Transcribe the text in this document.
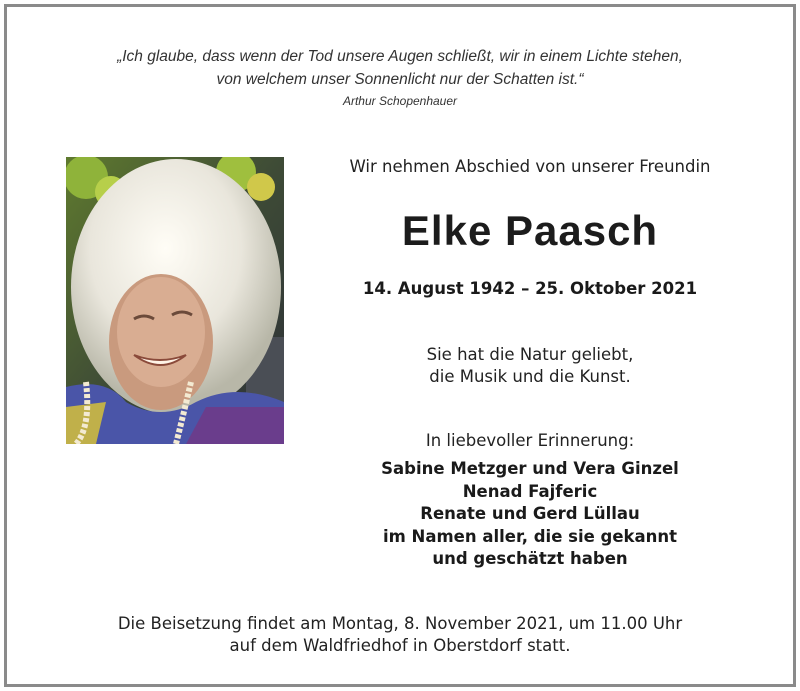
„Ich glaube, dass wenn der Tod unsere Augen schließt, wir in einem Lichte stehen,
von welchem unser Sonnenlicht nur der Schatten ist.“
Arthur Schopenhauer
Wir nehmen Abschied von unserer Freundin
Elke Paasch
14. August 1942 – 25. Oktober 2021
Sie hat die Natur geliebt,
die Musik und die Kunst.
In liebevoller Erinnerung:
Sabine Metzger und Vera Ginzel
Nenad Fajferic
Renate und Gerd Lüllau
im Namen aller, die sie gekannt
und geschätzt haben
Die Beisetzung findet am Montag, 8. November 2021, um 11.00 Uhr
auf dem Waldfriedhof in Oberstdorf statt.
